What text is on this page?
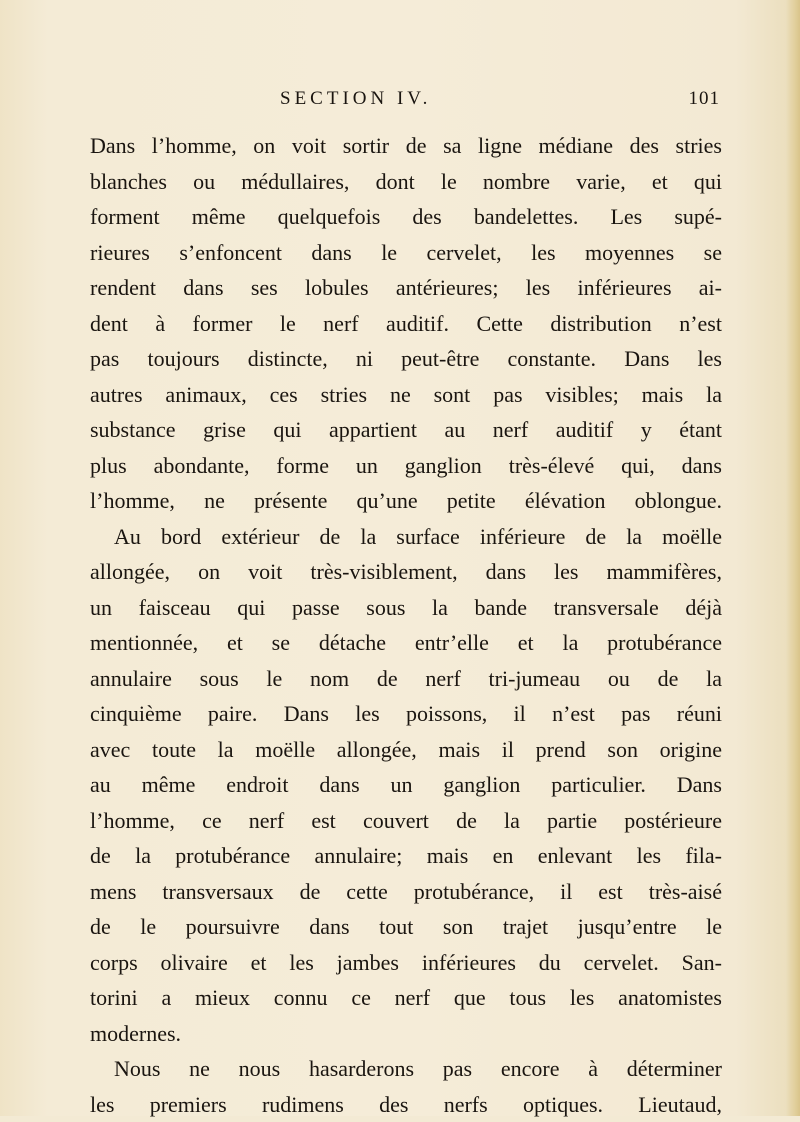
SECTION IV.	101
Dans l’homme, on voit sortir de sa ligne médiane des stries
blanches ou médullaires, dont le nombre varie, et qui
forment même quelquefois des bandelettes. Les supé-
rieures s’enfoncent dans le cervelet, les moyennes se
rendent dans ses lobules antérieures; les inférieures ai-
dent à former le nerf auditif. Cette distribution n’est
pas toujours distincte, ni peut-être constante. Dans les
autres animaux, ces stries ne sont pas visibles; mais la
substance grise qui appartient au nerf auditif y étant
plus abondante, forme un ganglion très-élevé qui, dans
l’homme, ne présente qu’une petite élévation oblongue.
Au bord extérieur de la surface inférieure de la moëlle
allongée, on voit très-visiblement, dans les mammifères,
un faisceau qui passe sous la bande transversale déjà
mentionnée, et se détache entr’elle et la protubérance
annulaire sous le nom de nerf tri-jumeau ou de la
cinquième paire. Dans les poissons, il n’est pas réuni
avec toute la moëlle allongée, mais il prend son origine
au même endroit dans un ganglion particulier. Dans
l’homme, ce nerf est couvert de la partie postérieure
de la protubérance annulaire; mais en enlevant les fila-
mens transversaux de cette protubérance, il est très-aisé
de le poursuivre dans tout son trajet jusqu’entre le
corps olivaire et les jambes inférieures du cervelet. San-
torini a mieux connu ce nerf que tous les anatomistes
modernes.
Nous ne nous hasarderons pas encore à déterminer
les premiers rudimens des nerfs optiques. Lieutaud,
